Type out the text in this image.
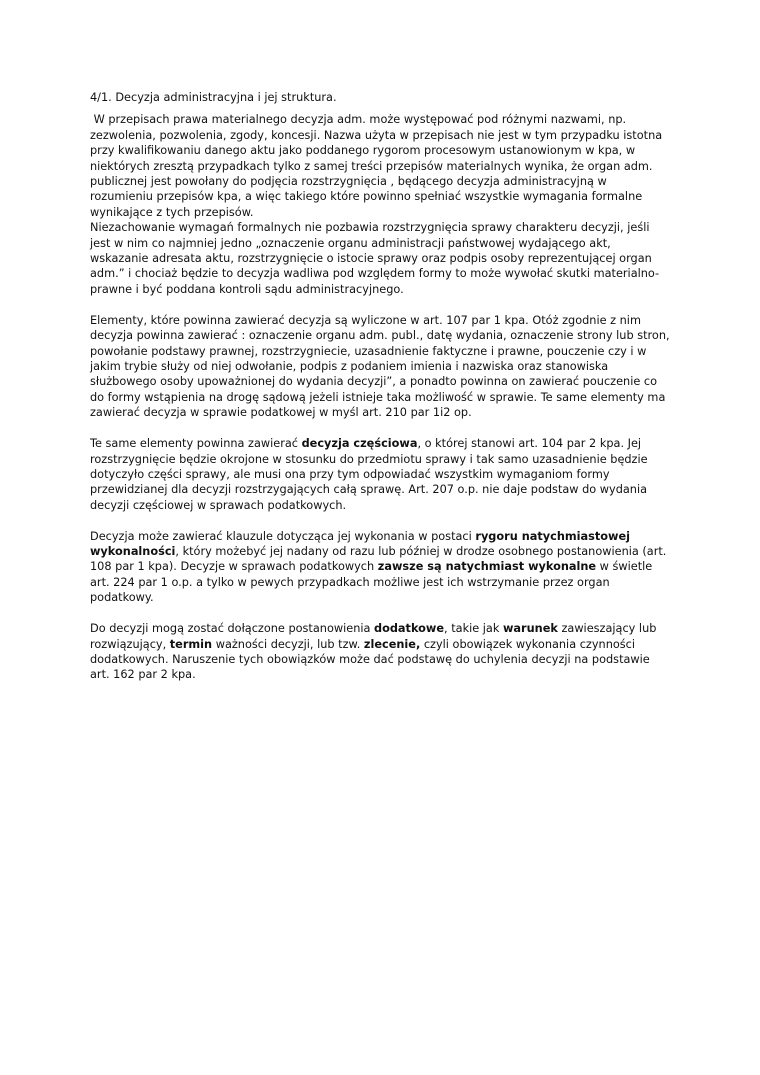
4/1. Decyzja administracyjna i jej struktura.

W przepisach prawa materialnego decyzja adm. może występować pod różnymi nazwami, np. zezwolenia, pozwolenia, zgody, koncesji. Nazwa użyta w przepisach nie jest w tym przypadku istotna przy kwalifikowaniu danego aktu jako poddanego rygorom procesowym ustanowionym w kpa, w niektórych zresztą przypadkach tylko z samej treści przepisów materialnych wynika, że organ adm. publicznej jest powołany do podjęcia rozstrzygnięcia , będącego decyzja administracyjną w rozumieniu przepisów kpa, a więc takiego które powinno spełniać wszystkie wymagania formalne wynikające z tych przepisów.

Niezachowanie wymagań formalnych nie pozbawia rozstrzygnięcia sprawy charakteru decyzji, jeśli jest w nim co najmniej jedno „oznaczenie organu administracji państwowej wydającego akt, wskazanie adresata aktu, rozstrzygnięcie o istocie sprawy oraz podpis osoby reprezentującej organ adm.” i chociaż będzie to decyzja wadliwa pod względem formy to może wywołać skutki materialno-prawne i być poddana kontroli sądu administracyjnego.

Elementy, które powinna zawierać decyzja są wyliczone w art. 107 par 1 kpa. Otóż zgodnie z nim decyzja powinna zawierać : oznaczenie organu adm. publ., datę wydania, oznaczenie strony lub stron, powołanie podstawy prawnej, rozstrzygniecie, uzasadnienie faktyczne i prawne, pouczenie czy i w jakim trybie służy od niej odwołanie, podpis z podaniem imienia i nazwiska oraz stanowiska służbowego osoby upoważnionej do wydania decyzji”, a ponadto powinna on zawierać pouczenie co do formy wstąpienia na drogę sądową jeżeli istnieje taka możliwość w sprawie. Te same elementy ma zawierać decyzja w sprawie podatkowej w myśl art. 210 par 1i2 op.

Te same elementy powinna zawierać decyzja częściowa, o której stanowi art. 104 par 2 kpa. Jej rozstrzygnięcie będzie okrojone w stosunku do przedmiotu sprawy i tak samo uzasadnienie będzie dotyczyło części sprawy, ale musi ona przy tym odpowiadać wszystkim wymaganiom formy przewidzianej dla decyzji rozstrzygających całą sprawę. Art. 207 o.p. nie daje podstaw do wydania decyzji częściowej w sprawach podatkowych.

Decyzja może zawierać klauzule dotycząca jej wykonania w postaci rygoru natychmiastowej wykonalności, który możebyć jej nadany od razu lub później w drodze osobnego postanowienia (art. 108 par 1 kpa). Decyzje w sprawach podatkowych zawsze są natychmiast wykonalne w świetle art. 224 par 1 o.p. a tylko w pewych przypadkach możliwe jest ich wstrzymanie przez organ podatkowy.

Do decyzji mogą zostać dołączone postanowienia dodatkowe, takie jak warunek zawieszający lub rozwiązujący, termin ważności decyzji, lub tzw. zlecenie, czyli obowiązek wykonania czynności dodatkowych. Naruszenie tych obowiązków może dać podstawę do uchylenia decyzji na podstawie art. 162 par 2 kpa.
